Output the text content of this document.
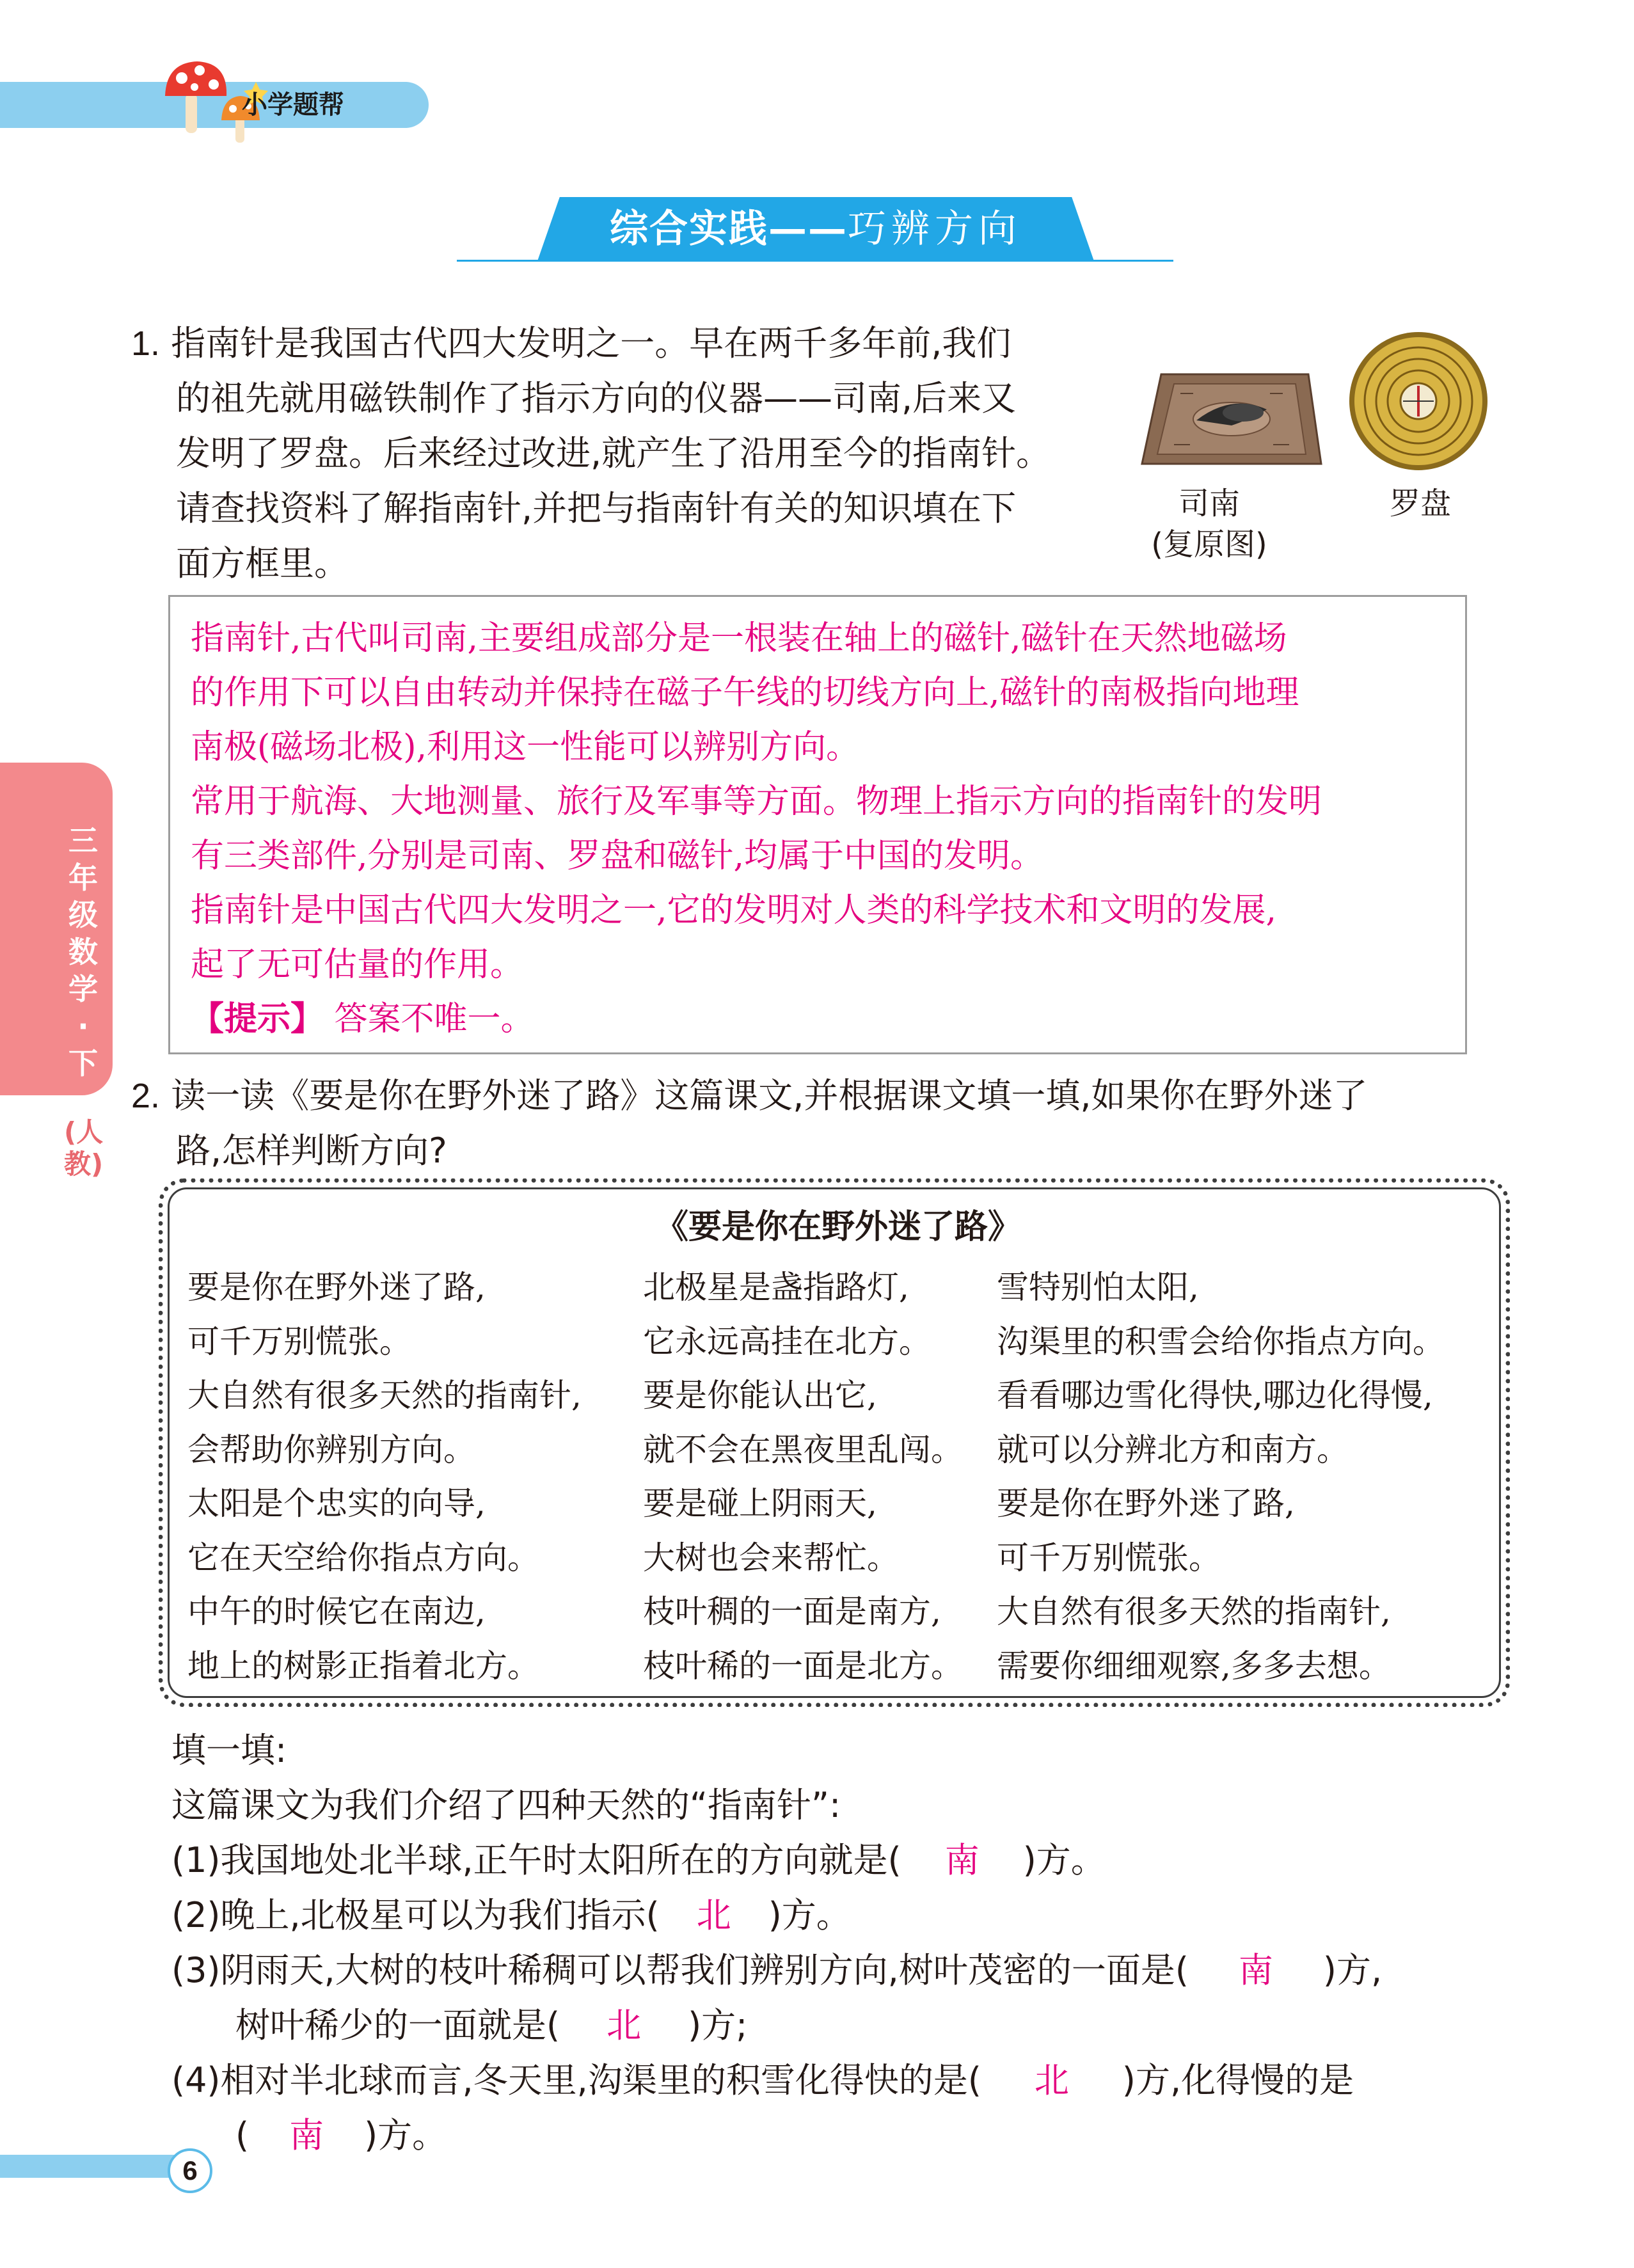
小学题帮
综合实践——巧辨方向
三年级数学·下
(人教)
1. 指南针是我国古代四大发明之一。早在两千多年前,我们
的祖先就用磁铁制作了指示方向的仪器——司南,后来又
发明了罗盘。后来经过改进,就产生了沿用至今的指南针。
请查找资料了解指南针,并把与指南针有关的知识填在下
面方框里。
司南
(复原图)
罗盘
指南针,古代叫司南,主要组成部分是一根装在轴上的磁针,磁针在天然地磁场
的作用下可以自由转动并保持在磁子午线的切线方向上,磁针的南极指向地理
南极(磁场北极),利用这一性能可以辨别方向。
常用于航海、大地测量、旅行及军事等方面。物理上指示方向的指南针的发明
有三类部件,分别是司南、罗盘和磁针,均属于中国的发明。
指南针是中国古代四大发明之一,它的发明对人类的科学技术和文明的发展,
起了无可估量的作用。
【提示】 答案不唯一。
2. 读一读《要是你在野外迷了路》这篇课文,并根据课文填一填,如果你在野外迷了
路,怎样判断方向?
《要是你在野外迷了路》
要是你在野外迷了路,
可千万别慌张。
大自然有很多天然的指南针,
会帮助你辨别方向。
太阳是个忠实的向导,
它在天空给你指点方向。
中午的时候它在南边,
地上的树影正指着北方。
北极星是盏指路灯,
它永远高挂在北方。
要是你能认出它,
就不会在黑夜里乱闯。
要是碰上阴雨天,
大树也会来帮忙。
枝叶稠的一面是南方,
枝叶稀的一面是北方。
雪特别怕太阳,
沟渠里的积雪会给你指点方向。
看看哪边雪化得快,哪边化得慢,
就可以分辨北方和南方。
要是你在野外迷了路,
可千万别慌张。
大自然有很多天然的指南针,
需要你细细观察,多多去想。
填一填:
这篇课文为我们介绍了四种天然的“指南针”:
(1)我国地处北半球,正午时太阳所在的方向就是( 南 )方。
(2)晚上,北极星可以为我们指示( 北 )方。
(3)阴雨天,大树的枝叶稀稠可以帮我们辨别方向,树叶茂密的一面是( 南 )方,
树叶稀少的一面就是( 北 )方;
(4)相对半北球而言,冬天里,沟渠里的积雪化得快的是( 北 )方,化得慢的是
( 南 )方。
6
